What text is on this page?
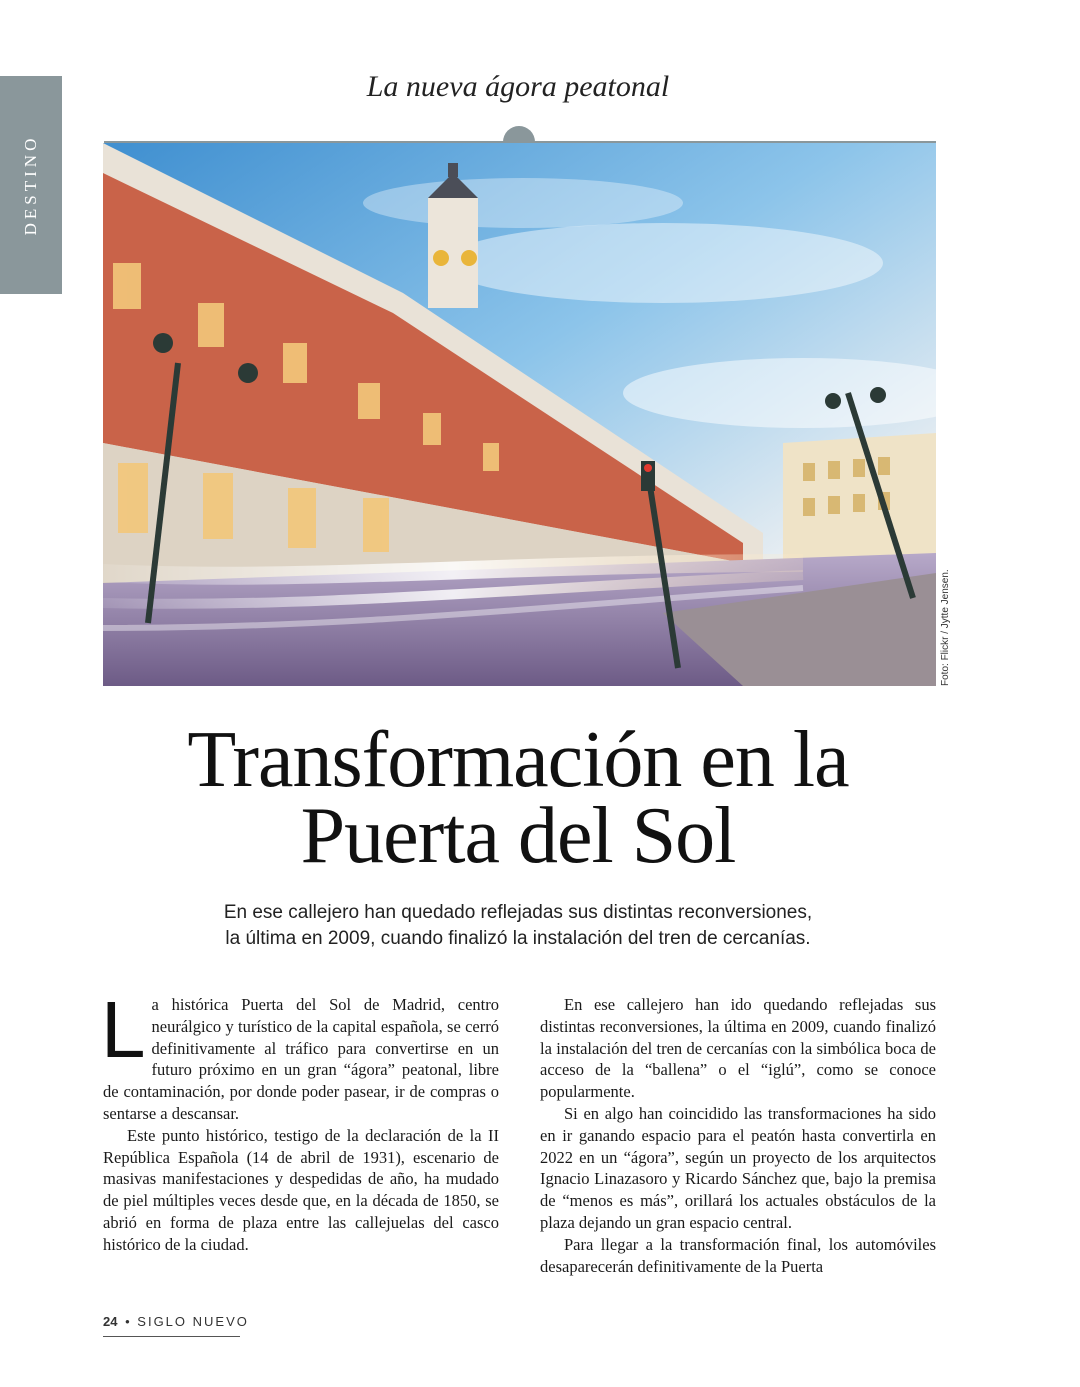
DESTINO
La nueva ágora peatonal
Foto: Flickr / Jytte Jensen.
Transformación en la
Puerta del Sol
En ese callejero han quedado reflejadas sus distintas reconversiones,
la última en 2009, cuando finalizó la instalación del tren de cercanías.

La histórica Puerta del Sol de Madrid, centro neurálgico y turístico de la capital española, se cerró definitivamente al tráfico para convertirse en un futuro próximo en un gran “ágora” peatonal, libre de contaminación, por donde poder pasear, ir de compras o sentarse a descansar.

Este punto histórico, testigo de la declaración de la II República Española (14 de abril de 1931), escenario de masivas manifestaciones y despedidas de año, ha mudado de piel múltiples veces desde que, en la década de 1850, se abrió en forma de plaza entre las callejuelas del casco histórico de la ciudad.

En ese callejero han ido quedando reflejadas sus distintas reconversiones, la última en 2009, cuando finalizó la instalación del tren de cercanías con la simbólica boca de acceso de la “ballena” o el “iglú”, como se conoce popularmente.

Si en algo han coincidido las transformaciones ha sido en ir ganando espacio para el peatón hasta convertirla en 2022 en un “ágora”, según un proyecto de los arquitectos Ignacio Linazasoro y Ricardo Sánchez que, bajo la premisa de “menos es más”, orillará los actuales obstáculos de la plaza dejando un gran espacio central.

Para llegar a la transformación final, los automóviles desaparecerán definitivamente de la Puerta

24 • SIGLO NUEVO
